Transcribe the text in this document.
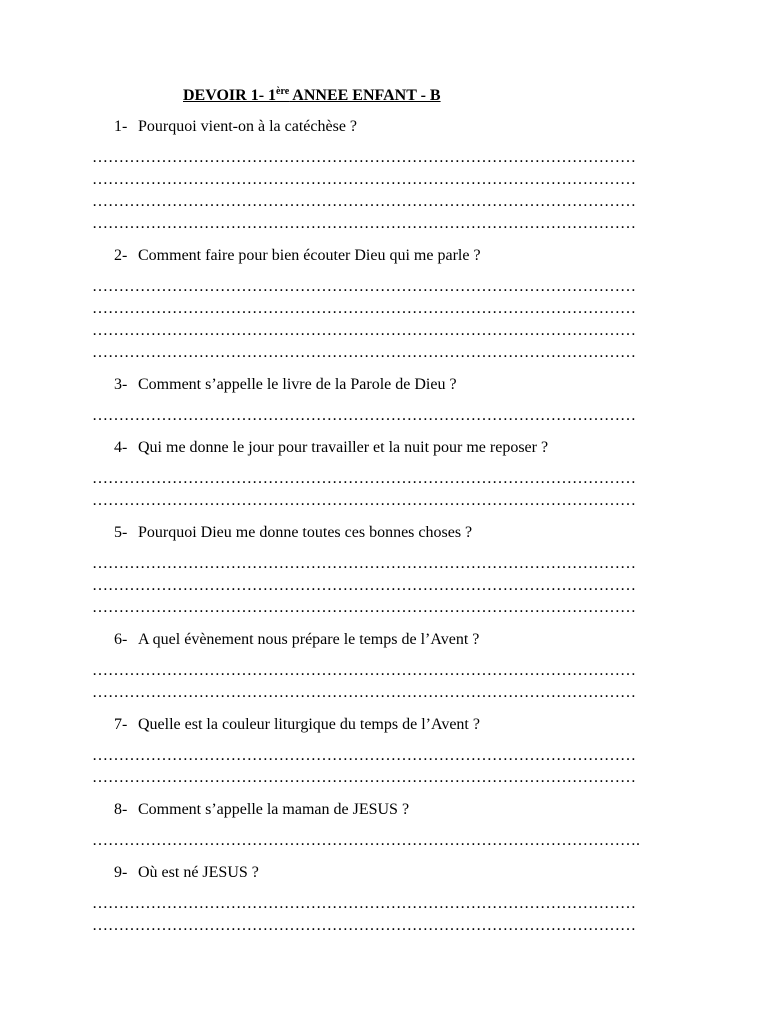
DEVOIR 1- 1ère ANNEE ENFANT - B
1- Pourquoi vient-on à la catéchèse ?
…………………………………………………………………………………………
…………………………………………………………………………………………
…………………………………………………………………………………………
…………………………………………………………………………………………
2- Comment faire pour bien écouter Dieu qui me parle ?
…………………………………………………………………………………………
…………………………………………………………………………………………
…………………………………………………………………………………………
…………………………………………………………………………………………
3- Comment s’appelle le livre de la Parole de Dieu ?
…………………………………………………………………………………………
4- Qui me donne le jour pour travailler et la nuit pour me reposer ?
…………………………………………………………………………………………
…………………………………………………………………………………………
5- Pourquoi Dieu me donne toutes ces bonnes choses ?
…………………………………………………………………………………………
…………………………………………………………………………………………
…………………………………………………………………………………………
6- A quel évènement nous prépare le temps de l’Avent ?
…………………………………………………………………………………………
…………………………………………………………………………………………
7- Quelle est la couleur liturgique du temps de l’Avent ?
…………………………………………………………………………………………
…………………………………………………………………………………………
8- Comment s’appelle la maman de JESUS ?
………………………………………………………………………………………….
9- Où est né JESUS ?
…………………………………………………………………………………………
…………………………………………………………………………………………
